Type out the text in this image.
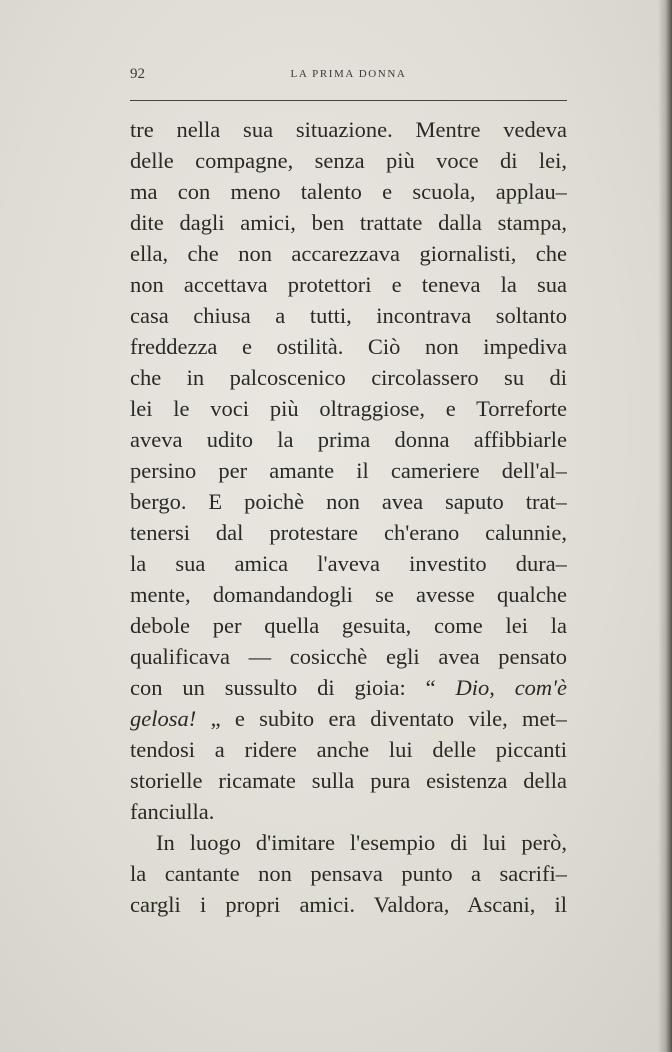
92	LA PRIMA DONNA
tre nella sua situazione. Mentre vedeva
delle compagne, senza più voce di lei,
ma con meno talento e scuola, applau–
dite dagli amici, ben trattate dalla stampa,
ella, che non accarezzava giornalisti, che
non accettava protettori e teneva la sua
casa chiusa a tutti, incontrava soltanto
freddezza e ostilità. Ciò non impediva
che in palcoscenico circolassero su di
lei le voci più oltraggiose, e Torreforte
aveva udito la prima donna affibbiarle
persino per amante il cameriere dell'al–
bergo. E poichè non avea saputo trat–
tenersi dal protestare ch'erano calunnie,
la sua amica l'aveva investito dura–
mente, domandandogli se avesse qualche
debole per quella gesuita, come lei la
qualificava — cosicchè egli avea pensato
con un sussulto di gioia: “ Dio, com'è
gelosa! „ e subito era diventato vile, met–
tendosi a ridere anche lui delle piccanti
storielle ricamate sulla pura esistenza della
fanciulla.
In luogo d'imitare l'esempio di lui però,
la cantante non pensava punto a sacrifi–
cargli i propri amici. Valdora, Ascani, il
